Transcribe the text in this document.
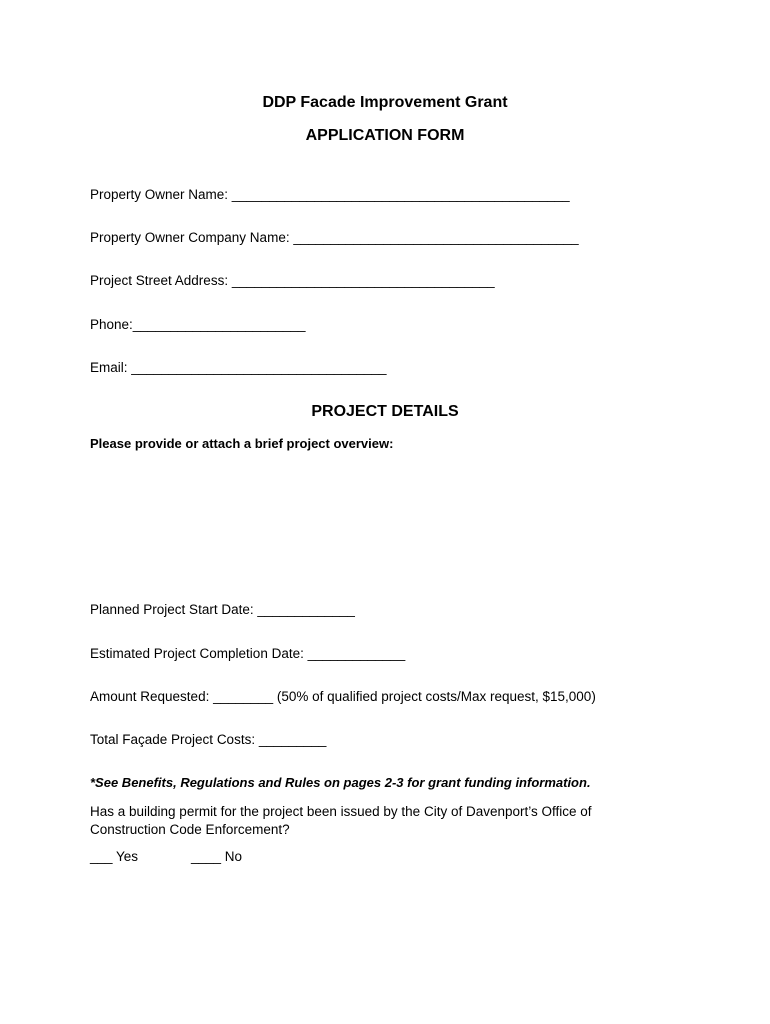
DDP Facade Improvement Grant
APPLICATION FORM
Property Owner Name: _____________________________________________
Property Owner Company Name: ______________________________________
Project Street Address: ___________________________________
Phone:_______________________
Email: __________________________________
PROJECT DETAILS
Please provide or attach a brief project overview:
Planned Project Start Date: _____________
Estimated Project Completion Date: _____________
Amount Requested: ________ (50% of qualified project costs/Max request, $15,000)
Total Façade Project Costs: _________
*See Benefits, Regulations and Rules on pages 2-3 for grant funding information.
Has a building permit for the project been issued by the City of Davenport’s Office of Construction Code Enforcement?
___ Yes	____ No
